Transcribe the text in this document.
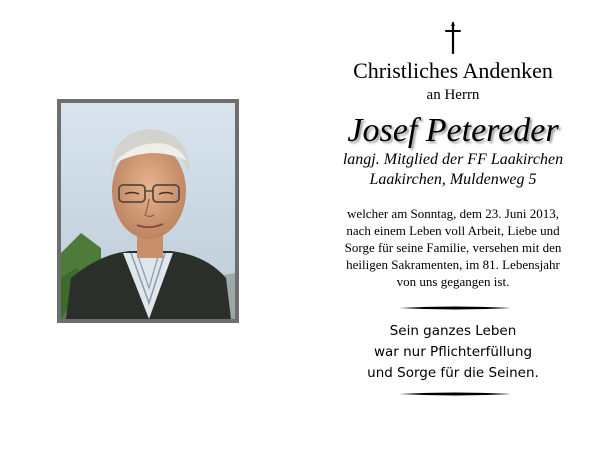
Christliches Andenken
an Herrn
Josef Petereder
langj. Mitglied der FF Laakirchen
Laakirchen, Muldenweg 5
welcher am Sonntag, dem 23. Juni 2013,
nach einem Leben voll Arbeit, Liebe und
Sorge für seine Familie, versehen mit den
heiligen Sakramenten, im 81. Lebensjahr
von uns gegangen ist.
Sein ganzes Leben
war nur Pflichterfüllung
und Sorge für die Seinen.
